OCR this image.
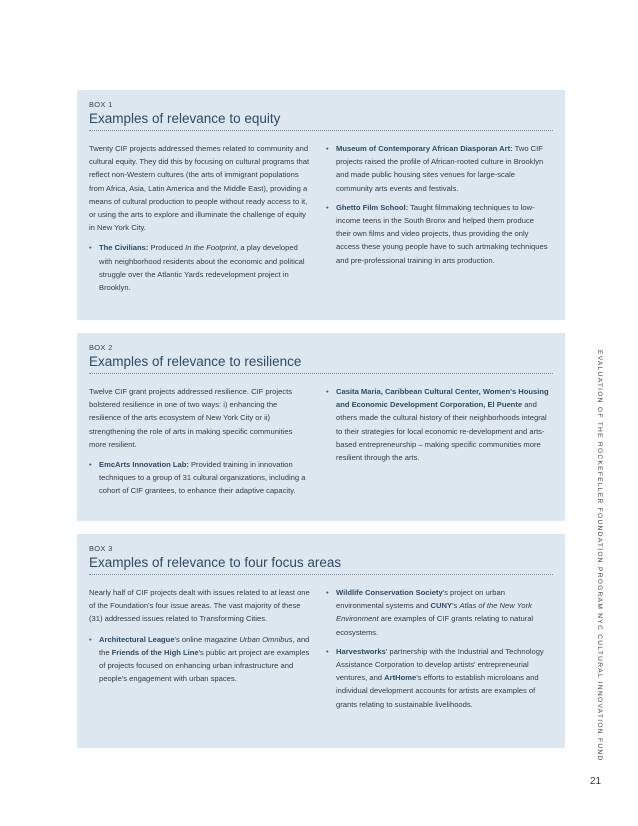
BOX 1
Examples of relevance to equity

Twenty CIF projects addressed themes related to community and cultural equity. They did this by focusing on cultural programs that reflect non-Western cultures (the arts of immigrant populations from Africa, Asia, Latin America and the Middle East), providing a means of cultural production to people without ready access to it, or using the arts to explore and illuminate the challenge of equity in New York City.

• The Civilians: Produced In the Footprint, a play developed with neighborhood residents about the economic and political struggle over the Atlantic Yards redevelopment project in Brooklyn.
• Museum of Contemporary African Diasporan Art: Two CIF projects raised the profile of African-rooted culture in Brooklyn and made public housing sites venues for large-scale community arts events and festivals.
• Ghetto Film School: Taught filmmaking techniques to low-income teens in the South Bronx and helped them produce their own films and video projects, thus providing the only access these young people have to such artmaking techniques and pre-professional training in arts production.
BOX 2
Examples of relevance to resilience

Twelve CIF grant projects addressed resilience. CIF projects bolstered resilience in one of two ways: i) enhancing the resilience of the arts ecosystem of New York City or ii) strengthening the role of arts in making specific communities more resilient.

• EmcArts Innovation Lab: Provided training in innovation techniques to a group of 31 cultural organizations, including a cohort of CIF grantees, to enhance their adaptive capacity.
• Casita Maria, Caribbean Cultural Center, Women's Housing and Economic Development Corporation, El Puente and others made the cultural history of their neighborhoods integral to their strategies for local economic re-development and arts-based entrepreneurship – making specific communities more resilient through the arts.
BOX 3
Examples of relevance to four focus areas

Nearly half of CIF projects dealt with issues related to at least one of the Foundation's four issue areas. The vast majority of these (31) addressed issues related to Transforming Cities.

• Architectural League's online magazine Urban Omnibus, and the Friends of the High Line's public art project are examples of projects focused on enhancing urban infrastructure and people's engagement with urban spaces.
• Wildlife Conservation Society's project on urban environmental systems and CUNY's Atlas of the New York Environment are examples of CIF grants relating to natural ecosystems.
• Harvestworks' partnership with the Industrial and Technology Assistance Corporation to develop artists' entrepreneurial ventures, and ArtHome's efforts to establish microloans and individual development accounts for artists are examples of grants relating to sustainable livelihoods.	EVALUATION OF THE ROCKEFELLER FOUNDATION PROGRAM NYC CULTURAL INNOVATION FUND
21
